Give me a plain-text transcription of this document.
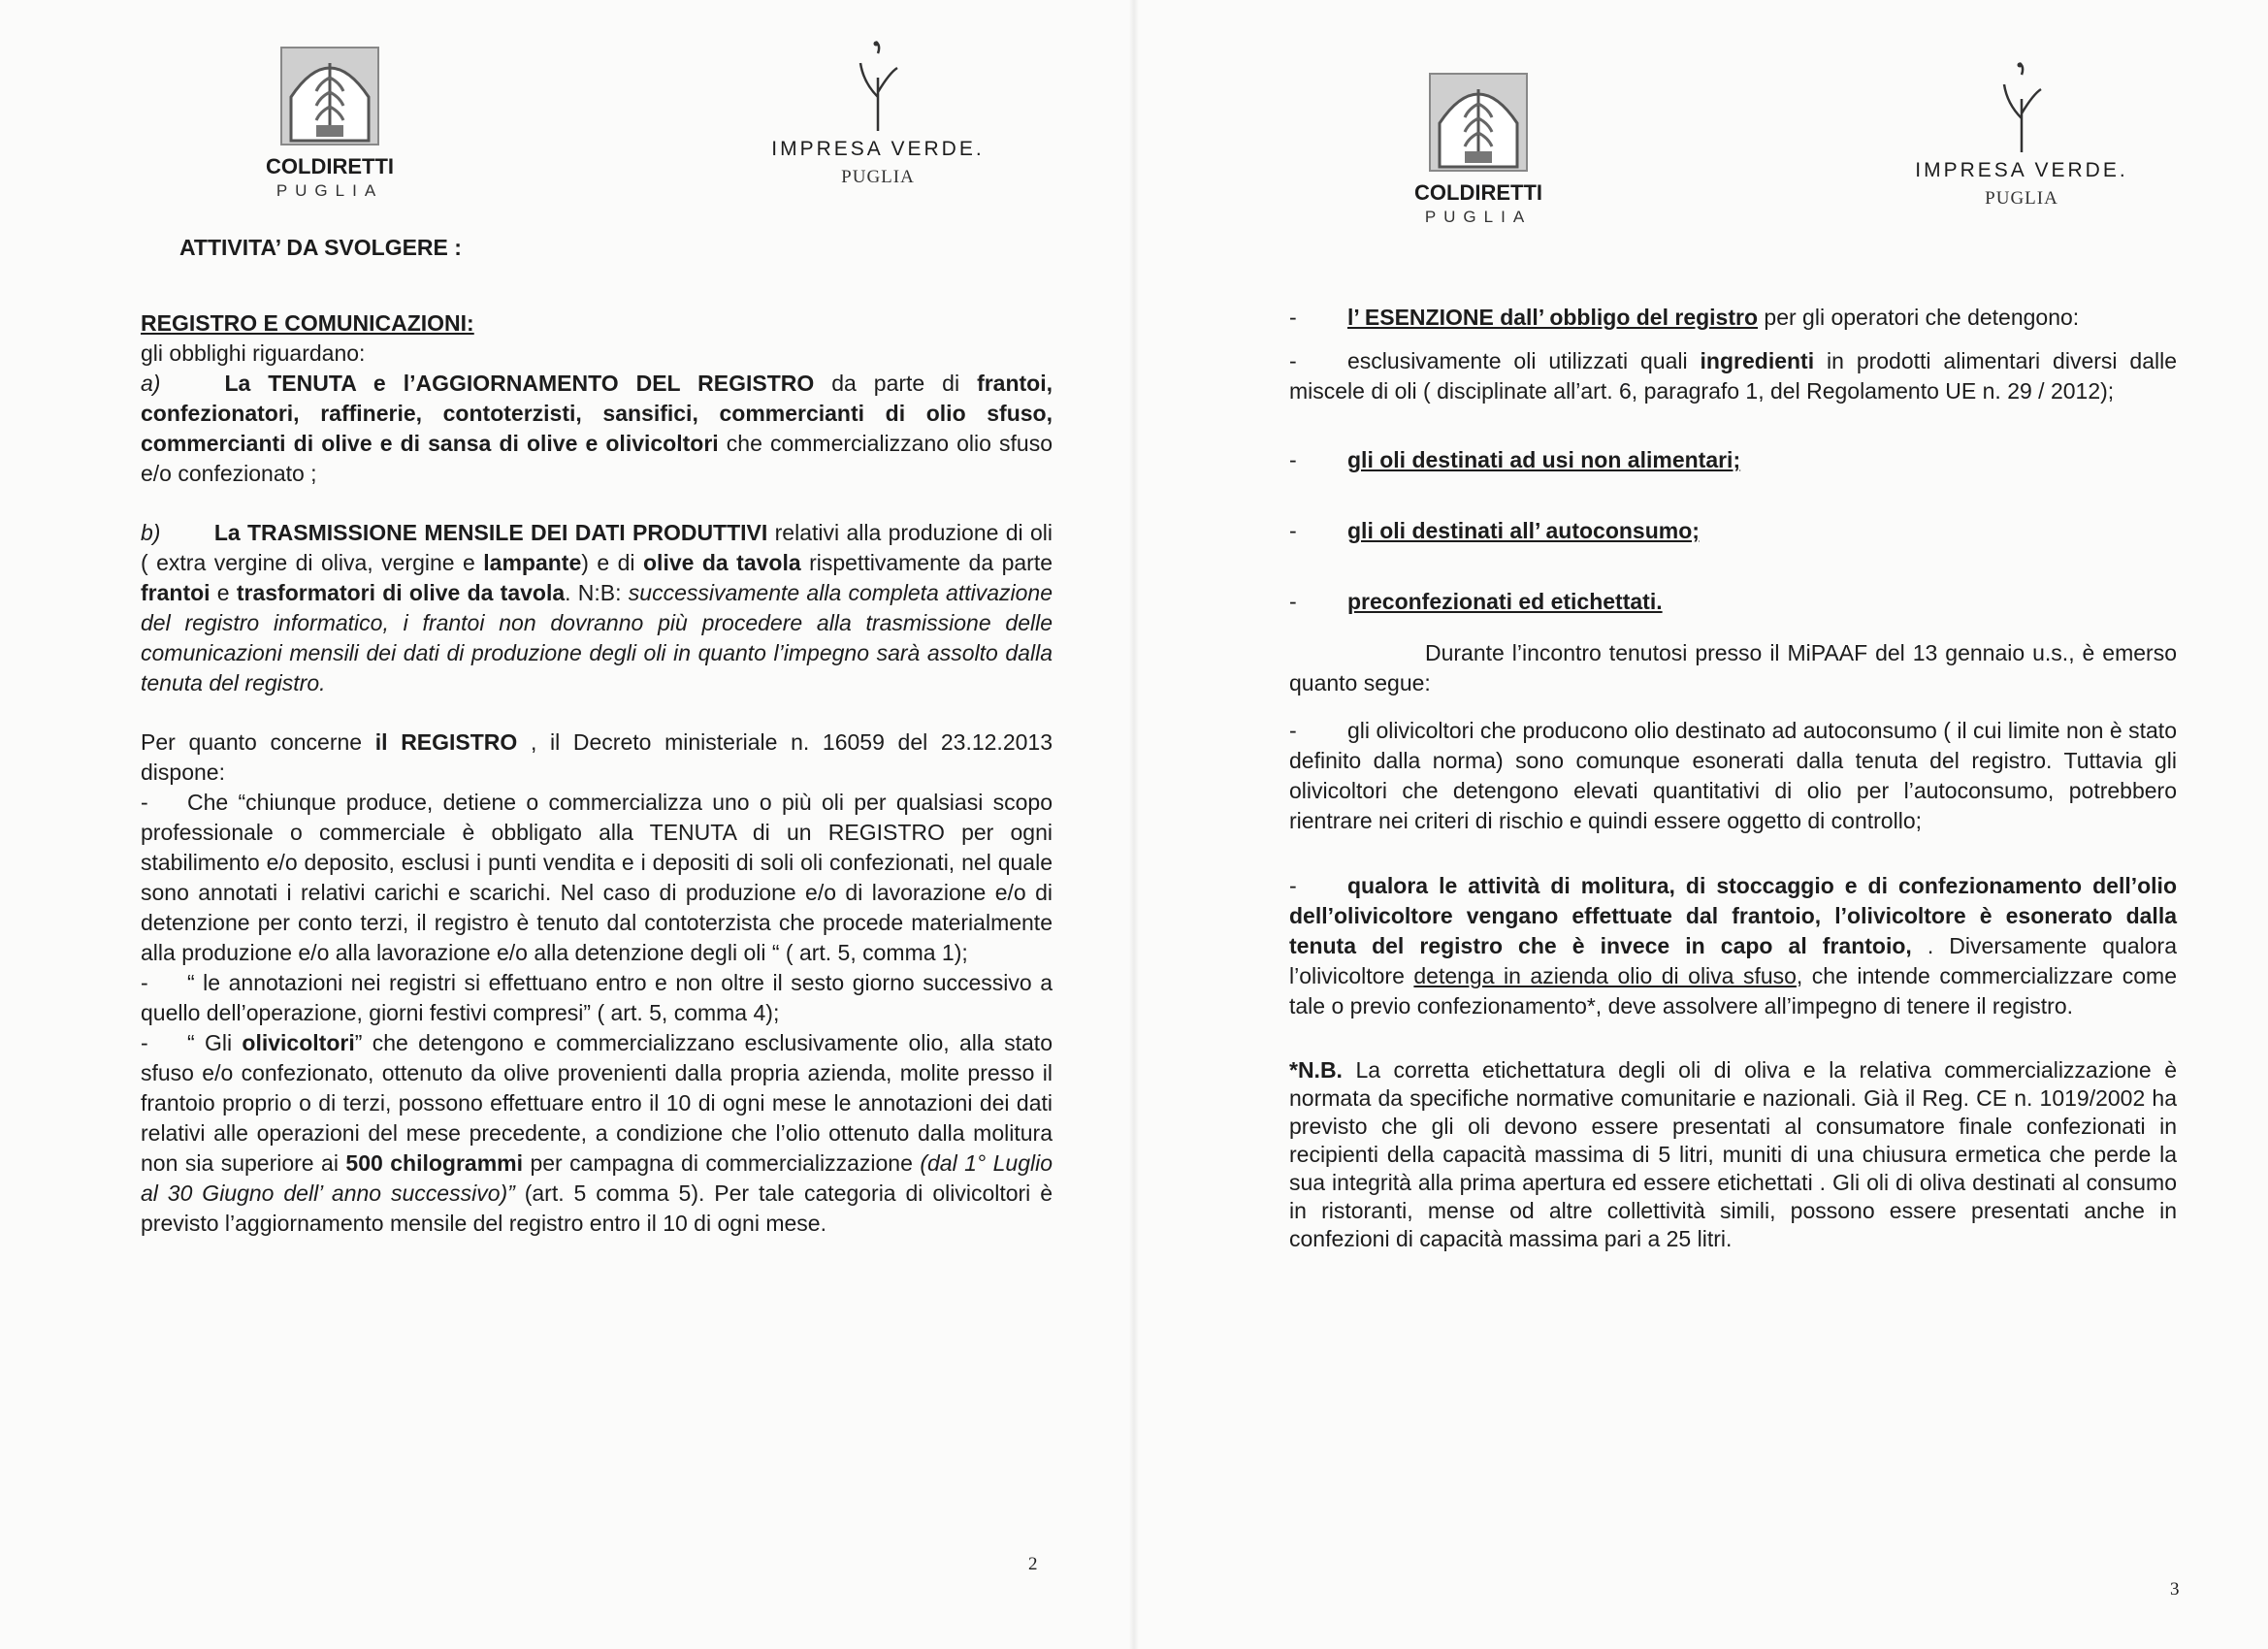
COLDIRETTI
PUGLIA
IMPRESA VERDE.
PUGLIA

ATTIVITA’ DA SVOLGERE :

REGISTRO E COMUNICAZIONI:

gli obblighi riguardano:

a)	La TENUTA e l’AGGIORNAMENTO DEL REGISTRO da parte di frantoi, confezionatori, raffinerie, contoterzisti, sansifici, commercianti di olio sfuso, commercianti di olive e di sansa di olive e olivicoltori che commercializzano olio sfuso e/o confezionato ;

b) La TRASMISSIONE MENSILE DEI DATI PRODUTTIVI relativi alla produzione di oli ( extra vergine di oliva, vergine e lampante) e di olive da tavola rispettivamente da parte frantoi e trasformatori di olive da tavola. N:B: successivamente alla completa attivazione del registro informatico, i frantoi non dovranno più procedere alla trasmissione delle comunicazioni mensili dei dati di produzione degli oli in quanto l’impegno sarà assolto dalla tenuta del registro.

Per quanto concerne il REGISTRO , il Decreto ministeriale n. 16059 del 23.12.2013 dispone:

- Che “chiunque produce, detiene o commercializza uno o più oli per qualsiasi scopo professionale o commerciale è obbligato alla TENUTA di un REGISTRO per ogni stabilimento e/o deposito, esclusi i punti vendita e i depositi di soli oli confezionati, nel quale sono annotati i relativi carichi e scarichi. Nel caso di produzione e/o di lavorazione e/o di detenzione per conto terzi, il registro è tenuto dal contoterzista che procede materialmente alla produzione e/o alla lavorazione e/o alla detenzione degli oli “ ( art. 5, comma 1);

- “ le annotazioni nei registri si effettuano entro e non oltre il sesto giorno successivo a quello dell’operazione, giorni festivi compresi” ( art. 5, comma 4);

- “ Gli olivicoltori” che detengono e commercializzano esclusivamente olio, alla stato sfuso e/o confezionato, ottenuto da olive provenienti dalla propria azienda, molite presso il frantoio proprio o di terzi, possono effettuare entro il 10 di ogni mese le annotazioni dei dati relativi alle operazioni del mese precedente, a condizione che l’olio ottenuto dalla molitura non sia superiore ai 500 chilogrammi per campagna di commercializzazione (dal 1° Luglio al 30 Giugno dell’ anno successivo)” (art. 5 comma 5). Per tale categoria di olivicoltori è previsto l’aggiornamento mensile del registro entro il 10 di ogni mese.

2
COLDIRETTI
PUGLIA
IMPRESA VERDE.
PUGLIA

- l’ ESENZIONE dall’ obbligo del registro per gli operatori che detengono:

- esclusivamente oli utilizzati quali ingredienti in prodotti alimentari diversi dalle miscele di oli ( disciplinate all’art. 6, paragrafo 1, del Regolamento UE n. 29 / 2012);

- gli oli destinati ad usi non alimentari;

- gli oli destinati all’ autoconsumo;

- preconfezionati ed etichettati.

Durante l’incontro tenutosi presso il MiPAAF del 13 gennaio u.s., è emerso quanto segue:

- gli olivicoltori che producono olio destinato ad autoconsumo ( il cui limite non è stato definito dalla norma) sono comunque esonerati dalla tenuta del registro. Tuttavia gli olivicoltori che detengono elevati quantitativi di olio per l’autoconsumo, potrebbero rientrare nei criteri di rischio e quindi essere oggetto di controllo;

- qualora le attività di molitura, di stoccaggio e di confezionamento dell’olio dell’olivicoltore vengano effettuate dal frantoio, l’olivicoltore è esonerato dalla tenuta del registro che è invece in capo al frantoio, . Diversamente qualora l’olivicoltore detenga in azienda olio di oliva sfuso, che intende commercializzare come tale o previo confezionamento*, deve assolvere all’impegno di tenere il registro.

*N.B. La corretta etichettatura degli oli di oliva e la relativa commercializzazione è normata da specifiche normative comunitarie e nazionali. Già il Reg. CE n. 1019/2002 ha previsto che gli oli devono essere presentati al consumatore finale confezionati in recipienti della capacità massima di 5 litri, muniti di una chiusura ermetica che perde la sua integrità alla prima apertura ed essere etichettati . Gli oli di oliva destinati al consumo in ristoranti, mense od altre collettività simili, possono essere presentati anche in confezioni di capacità massima pari a 25 litri.

3
